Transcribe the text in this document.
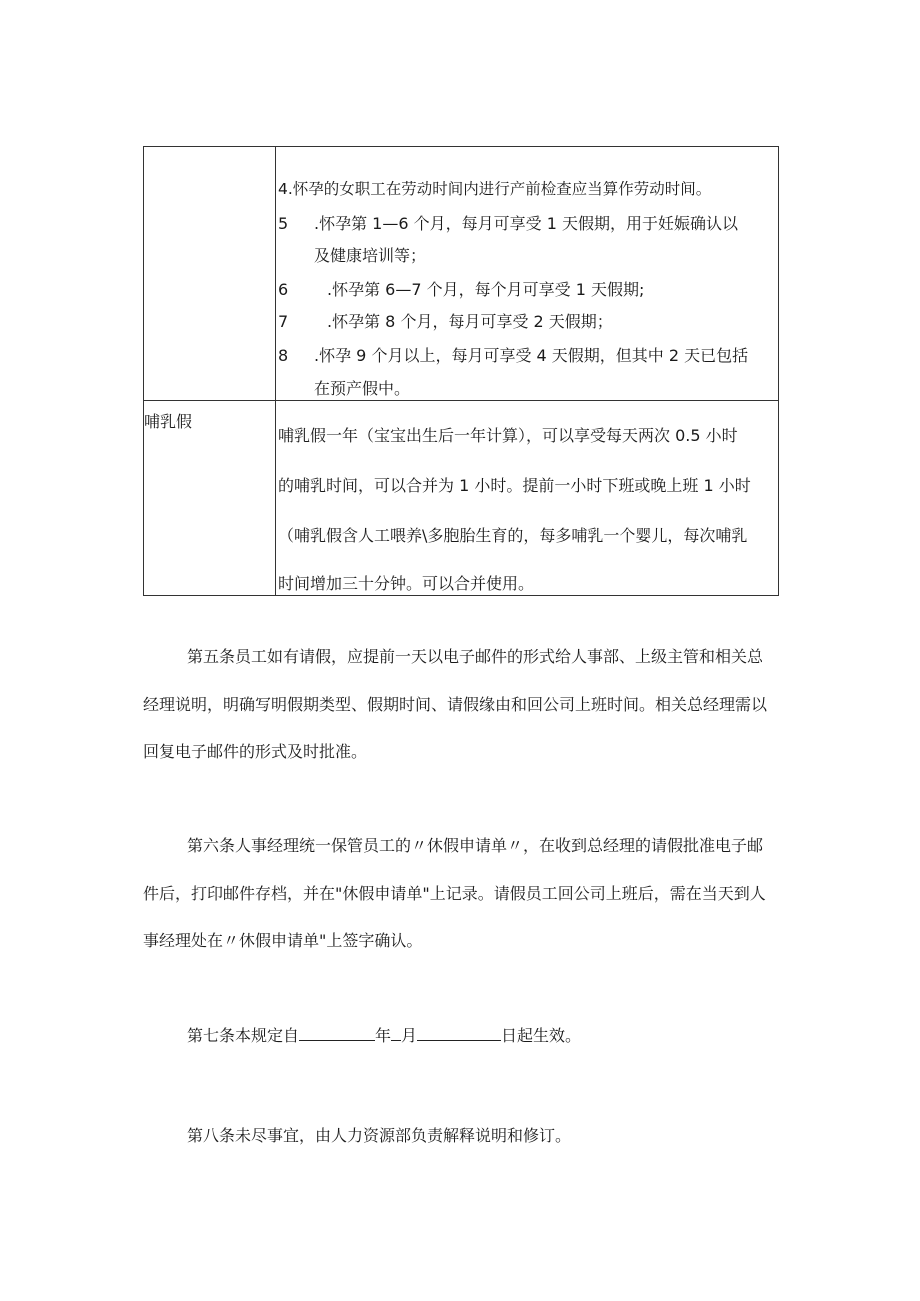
4.怀孕的女职工在劳动时间内进行产前检查应当算作劳动时间。
5 .怀孕第 1—6 个月，每月可享受 1 天假期，用于妊娠确认以
及健康培训等；
6 .怀孕第 6—7 个月，每个月可享受 1 天假期;
7 .怀孕第 8 个月，每月可享受 2 天假期；
8 .怀孕 9 个月以上，每月可享受 4 天假期，但其中 2 天已包括
在预产假中。
哺乳假
哺乳假一年（宝宝出生后一年计算），可以享受每天两次 0.5 小时
的哺乳时间，可以合并为 1 小时。提前一小时下班或晚上班 1 小时
（哺乳假含人工喂养\多胞胎生育的，每多哺乳一个婴儿，每次哺乳
时间增加三十分钟。可以合并使用。
第五条员工如有请假，应提前一天以电子邮件的形式给人事部、上级主管和相关总
经理说明，明确写明假期类型、假期时间、请假缘由和回公司上班时间。相关总经理需以
回复电子邮件的形式及时批准。
第六条人事经理统一保管员工的〃休假申请单〃，在收到总经理的请假批准电子邮
件后，打印邮件存档，并在"休假申请单"上记录。请假员工回公司上班后，需在当天到人
事经理处在〃休假申请单"上签字确认。
第七条本规定自	年 月	日起生效。
第八条未尽事宜，由人力资源部负责解释说明和修订。
